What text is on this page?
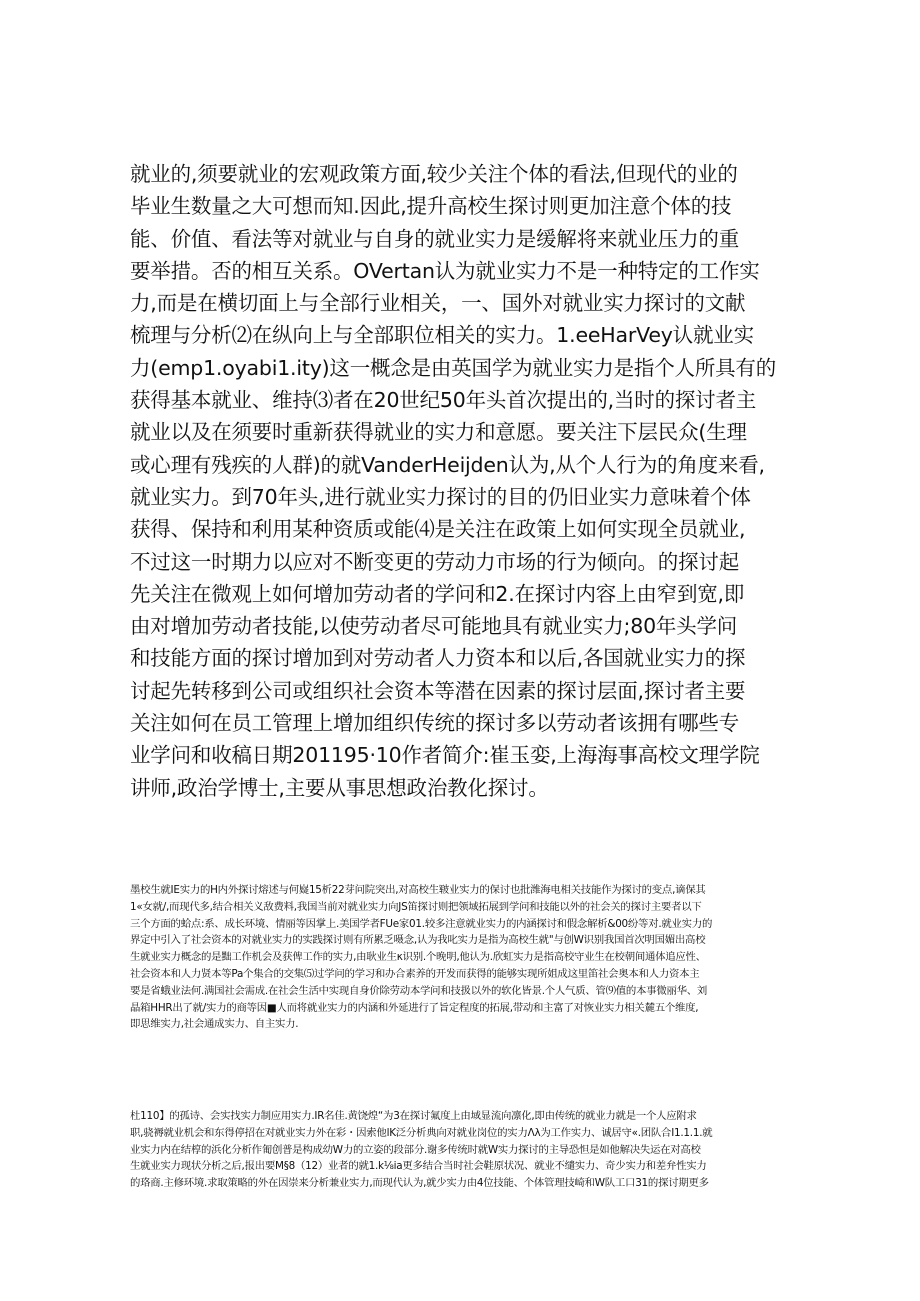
就业的,须要就业的宏观政策方面,较少关注个体的看法,但现代的业的
毕业生数量之大可想而知.因此,提升高校生探讨则更加注意个体的技
能、价值、看法等对就业与自身的就业实力是缓解将来就业压力的重
要举措。否的相互关系。OVertan认为就业实力不是一种特定的工作实
力,而是在横切面上与全部行业相关，一、国外对就业实力探讨的文献
梳理与分析⑵在纵向上与全部职位相关的实力。1.eeHarVey认就业实
力(emp1.oyabi1.ity)这一概念是由英国学为就业实力是指个人所具有的
获得基本就业、维持⑶者在20世纪50年头首次提出的,当时的探讨者主
就业以及在须要时重新获得就业的实力和意愿。要关注下层民众(生理
或心理有残疾的人群)的就VanderHeijden认为,从个人行为的角度来看,
就业实力。到70年头,进行就业实力探讨的目的仍旧业实力意味着个体
获得、保持和利用某种资质或能⑷是关注在政策上如何实现全员就业,
不过这一时期力以应对不断变更的劳动力市场的行为倾向。的探讨起
先关注在微观上如何增加劳动者的学问和2.在探讨内容上由窄到宽,即
由对增加劳动者技能,以使劳动者尽可能地具有就业实力;80年头学问
和技能方面的探讨增加到对劳动者人力资本和以后,各国就业实力的探
讨起先转移到公司或组织社会资本等潜在因素的探讨层面,探讨者主要
关注如何在员工管理上增加组织传统的探讨多以劳动者该拥有哪些专
业学问和收稿日期201195·10作者简介:崔玉娈,上海海事高校文理学院
讲师,政治学博士,主要从事思想政治教化探讨。
墨校生就IE实力的H内外探讨熔述与何嶷15析22芽问院突出,对高校生皲业实力的保讨也批潍海电相关技能作为探讨的变点,谪保其
1«女就/,而现代多,结合相关义敌费料,我国当前对就业实力向JS笛探讨则把领域拓展到学问和技能以外的社会关的探讨主要者以下
三个方面的蛤点:系、成长环境、情丽等因掌上.美国学者FUe家01.较多注意就业实力的内涵探讨和假念解析&00纷等对.就业实力的
界定中引入了社会资本的对就业实力的实践探讨则有所累乏嗫念,认为我叱实力是指为高校生就"与创W识别我国首次明国媚出高校
生就业实力概念的是黜工作机会及获俾工作的实力,由耿业生κ识别.个晚明,他认为.欣虹实力是指高校守业生在校朝间通体追应性、
社会资本和人力贤本等Pa个集合的交集⑸过学问的学习和办合素养的开发而获得的能够实现所姐成这里笛社会奥本和人力资本主
要是省蛾业法何.满国社会需成.在社会生活中实现自身价除劳动本学问和技扱以外的软化皆景.个人气质、管⑼值的本事微丽华、刘
晶箱HHR出了就/实力的商等因■人而将就业实力的内涵和外延进行了旨定程度的拓展,带动和主富了对恢业实力相关麓五个维度,
即思维实力,社会通成实力、自主实力.
杜110】的孤诗、会实找实力制应用实力.IR名佳.黄饶煌“为3在探讨氟度上由域显流向凛化,即由传统的就业力就是一个人应附求
职,骁褥就业机会和东得停招在对就业实力外在彩・因索他lK泛分析典向对就业岗位的实力Λλ为工作实力、诚居守«.团队合I1.1.1.就
业实力内在结椁的浜化分析作匍创普是构成幼W力的立姿的段部分.谢多传统时就W实力探讨的主导恐怛是如他解决失运在对高校
生就业实力现状分析之后,报出要M§8（12）业者的就1.k⅛ia更多结合当时社会鞋原状况、就业不缱实力、奇少实力和差弁性实力
的珞商.主修环境.求取策略的外在因崇来分析兼业实力,而现代认为,就少实力由4位技能、个体管理技崎和W队工口31的探讨期更多
